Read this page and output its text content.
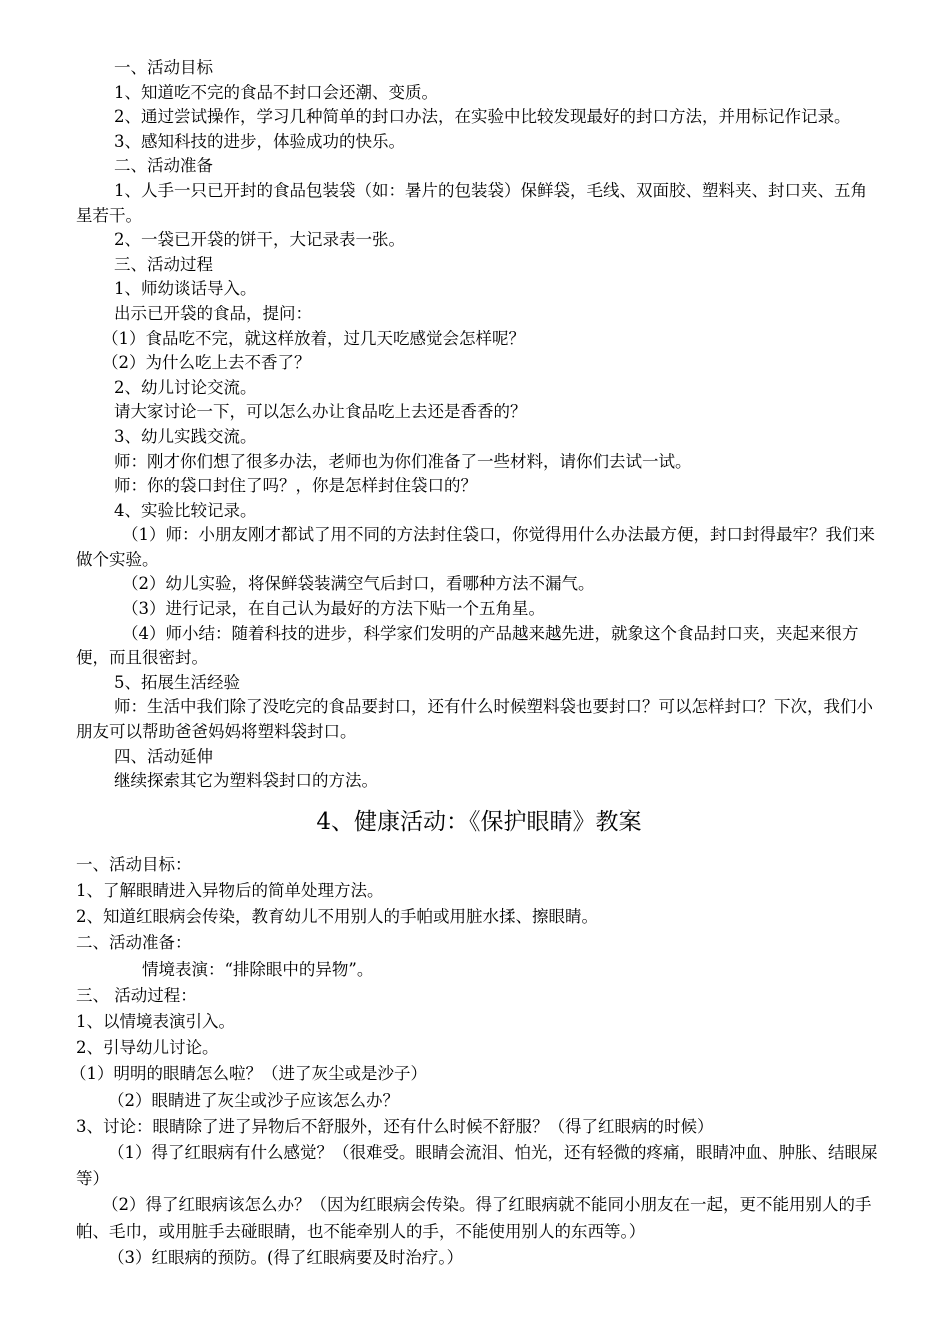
一、活动目标
1、知道吃不完的食品不封口会还潮、变质。
2、通过尝试操作，学习几种简单的封口办法，在实验中比较发现最好的封口方法，并用标记作记录。
3、感知科技的进步，体验成功的快乐。
二、活动准备
1、人手一只已开封的食品包装袋（如：暑片的包装袋）保鲜袋，毛线、双面胶、塑料夹、封口夹、五角星若干。
2、一袋已开袋的饼干，大记录表一张。
三、活动过程
1、师幼谈话导入。
出示已开袋的食品，提问：
（1）食品吃不完，就这样放着，过几天吃感觉会怎样呢？
（2）为什么吃上去不香了？
2、幼儿讨论交流。
请大家讨论一下，可以怎么办让食品吃上去还是香香的？
3、幼儿实践交流。
师：刚才你们想了很多办法，老师也为你们准备了一些材料，请你们去试一试。
师：你的袋口封住了吗？，你是怎样封住袋口的？
4、实验比较记录。
（1）师：小朋友刚才都试了用不同的方法封住袋口，你觉得用什么办法最方便，封口封得最牢？我们来做个实验。
（2）幼儿实验，将保鲜袋装满空气后封口，看哪种方法不漏气。
（3）进行记录，在自己认为最好的方法下贴一个五角星。
（4）师小结：随着科技的进步，科学家们发明的产品越来越先进，就象这个食品封口夹，夹起来很方便，而且很密封。
5、拓展生活经验
师：生活中我们除了没吃完的食品要封口，还有什么时候塑料袋也要封口？可以怎样封口？下次，我们小朋友可以帮助爸爸妈妈将塑料袋封口。
四、活动延伸
继续探索其它为塑料袋封口的方法。
4、健康活动：《保护眼睛》教案
一、活动目标：
1、了解眼睛进入异物后的简单处理方法。
2、知道红眼病会传染，教育幼儿不用别人的手帕或用脏水揉、擦眼睛。
二、活动准备：
情境表演：“排除眼中的异物”。
三、 活动过程：
1、以情境表演引入。
2、引导幼儿讨论。
（1）明明的眼睛怎么啦？（进了灰尘或是沙子）
（2）眼睛进了灰尘或沙子应该怎么办？
3、讨论：眼睛除了进了异物后不舒服外，还有什么时候不舒服？（得了红眼病的时候）
（1）得了红眼病有什么感觉？（很难受。眼睛会流泪、怕光，还有轻微的疼痛，眼睛冲血、肿胀、结眼屎等）
（2）得了红眼病该怎么办？（因为红眼病会传染。得了红眼病就不能同小朋友在一起，更不能用别人的手帕、毛巾，或用脏手去碰眼睛，也不能牵别人的手，不能使用别人的东西等。）
（3）红眼病的预防。(得了红眼病要及时治疗。）
